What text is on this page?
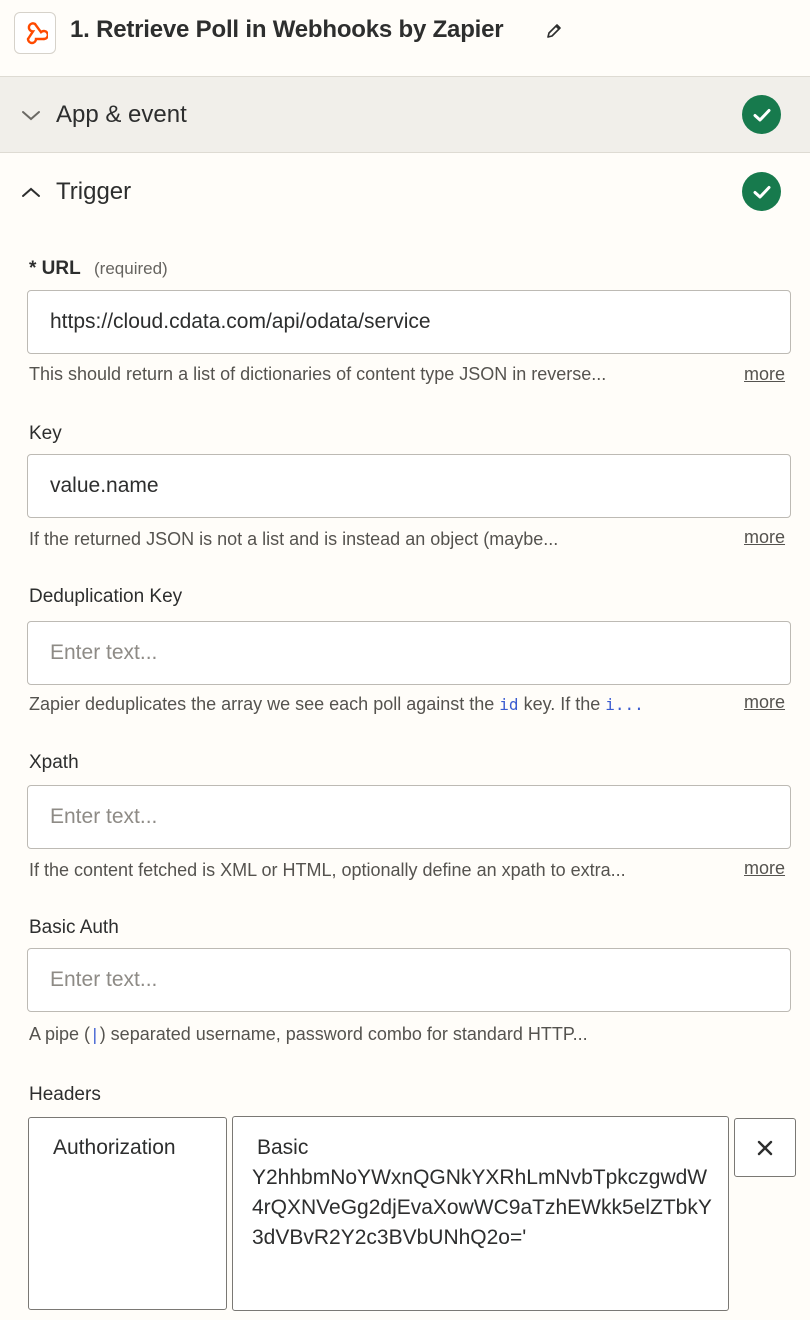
1. Retrieve Poll in Webhooks by Zapier
App & event
Trigger
* URL (required)
https://cloud.cdata.com/api/odata/service
This should return a list of dictionaries of content type JSON in reverse...	more
Key
value.name
If the returned JSON is not a list and is instead an object (maybe...	more
Deduplication Key
Enter text...
Zapier deduplicates the array we see each poll against the id key. If the i...	more
Xpath
Enter text...
If the content fetched is XML or HTML, optionally define an xpath to extra...	more
Basic Auth
Enter text...
A pipe (|) separated username, password combo for standard HTTP...
Headers
Authorization	Basic
Y2hhbmNoYWxnQGNkYXRhLmNvbTpkczgwdW4rQXNVeGg2djEvaXowWC9aTzhEWkk5elZTbkY3dVBvR2Y2c3BVbUNhQ2o='
